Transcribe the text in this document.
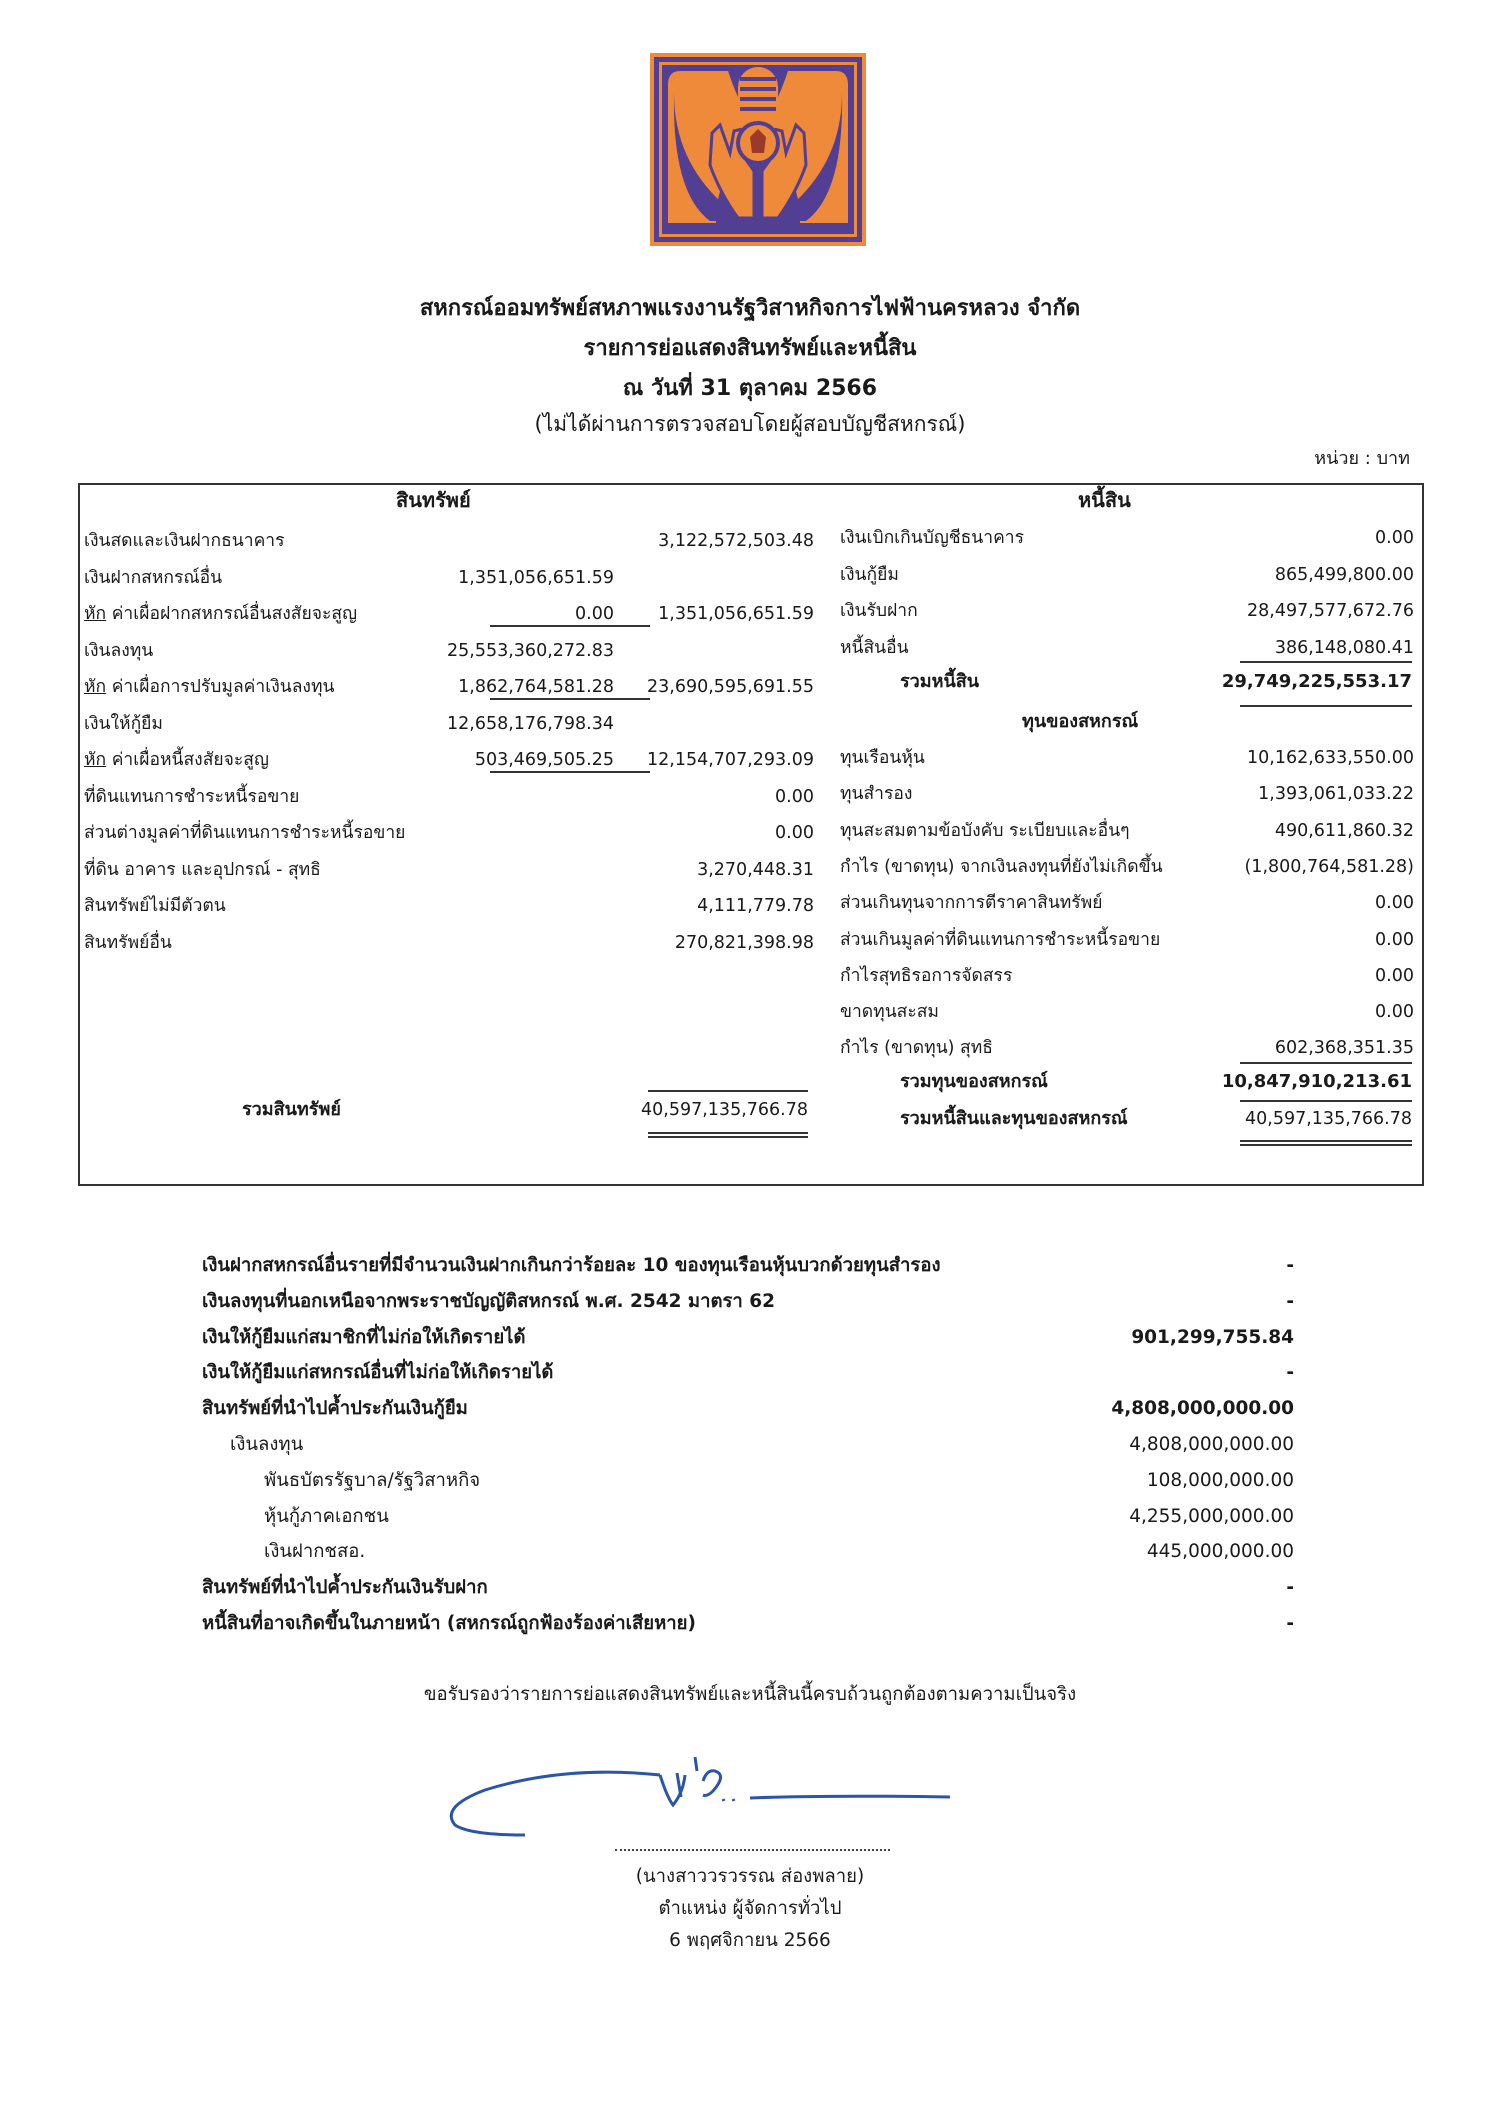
สหกรณ์ออมทรัพย์สหภาพแรงงานรัฐวิสาหกิจการไฟฟ้านครหลวง จำกัด
รายการย่อแสดงสินทรัพย์และหนี้สิน
ณ วันที่ 31 ตุลาคม 2566
(ไม่ได้ผ่านการตรวจสอบโดยผู้สอบบัญชีสหกรณ์)
หน่วย : บาท
สินทรัพย์	หนี้สิน
เงินสดและเงินฝากธนาคาร	3,122,572,503.48
เงินฝากสหกรณ์อื่น	1,351,056,651.59
หัก ค่าเผื่อฝากสหกรณ์อื่นสงสัยจะสูญ	0.00	1,351,056,651.59
เงินลงทุน	25,553,360,272.83
หัก ค่าเผื่อการปรับมูลค่าเงินลงทุน	1,862,764,581.28	23,690,595,691.55
เงินให้กู้ยืม	12,658,176,798.34
หัก ค่าเผื่อหนี้สงสัยจะสูญ	503,469,505.25	12,154,707,293.09
ที่ดินแทนการชำระหนี้รอขาย	0.00
ส่วนต่างมูลค่าที่ดินแทนการชำระหนี้รอขาย	0.00
ที่ดิน อาคาร และอุปกรณ์ - สุทธิ	3,270,448.31
สินทรัพย์ไม่มีตัวตน	4,111,779.78
สินทรัพย์อื่น	270,821,398.98
รวมสินทรัพย์	40,597,135,766.78
เงินเบิกเกินบัญชีธนาคาร	0.00
เงินกู้ยืม	865,499,800.00
เงินรับฝาก	28,497,577,672.76
หนี้สินอื่น	386,148,080.41
รวมหนี้สิน	29,749,225,553.17
ทุนของสหกรณ์
ทุนเรือนหุ้น	10,162,633,550.00
ทุนสำรอง	1,393,061,033.22
ทุนสะสมตามข้อบังคับ ระเบียบและอื่นๆ	490,611,860.32
กำไร (ขาดทุน) จากเงินลงทุนที่ยังไม่เกิดขึ้น	(1,800,764,581.28)
ส่วนเกินทุนจากการตีราคาสินทรัพย์	0.00
ส่วนเกินมูลค่าที่ดินแทนการชำระหนี้รอขาย	0.00
กำไรสุทธิรอการจัดสรร	0.00
ขาดทุนสะสม	0.00
กำไร (ขาดทุน) สุทธิ	602,368,351.35
รวมทุนของสหกรณ์	10,847,910,213.61
รวมหนี้สินและทุนของสหกรณ์	40,597,135,766.78
เงินฝากสหกรณ์อื่นรายที่มีจำนวนเงินฝากเกินกว่าร้อยละ 10 ของทุนเรือนหุ้นบวกด้วยทุนสำรอง	-
เงินลงทุนที่นอกเหนือจากพระราชบัญญัติสหกรณ์ พ.ศ. 2542 มาตรา 62	-
เงินให้กู้ยืมแก่สมาชิกที่ไม่ก่อให้เกิดรายได้	901,299,755.84
เงินให้กู้ยืมแก่สหกรณ์อื่นที่ไม่ก่อให้เกิดรายได้	-
สินทรัพย์ที่นำไปค้ำประกันเงินกู้ยืม	4,808,000,000.00
เงินลงทุน	4,808,000,000.00
พันธบัตรรัฐบาล/รัฐวิสาหกิจ	108,000,000.00
หุ้นกู้ภาคเอกชน	4,255,000,000.00
เงินฝากชสอ.	445,000,000.00
สินทรัพย์ที่นำไปค้ำประกันเงินรับฝาก	-
หนี้สินที่อาจเกิดขึ้นในภายหน้า (สหกรณ์ถูกฟ้องร้องค่าเสียหาย)	-
ขอรับรองว่ารายการย่อแสดงสินทรัพย์และหนี้สินนี้ครบถ้วนถูกต้องตามความเป็นจริง
(นางสาววรวรรณ ส่องพลาย)
ตำแหน่ง ผู้จัดการทั่วไป
6 พฤศจิกายน 2566
